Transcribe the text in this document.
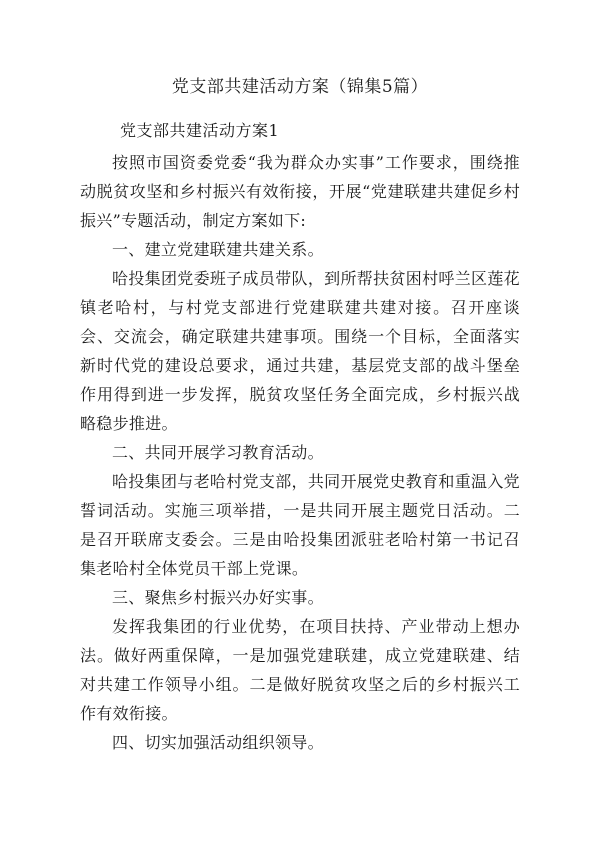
党支部共建活动方案（锦集5篇）
党支部共建活动方案1

按照市国资委党委“我为群众办实事”工作要求，围绕推动脱贫攻坚和乡村振兴有效衔接，开展“党建联建共建促乡村振兴”专题活动，制定方案如下:

一、建立党建联建共建关系。

哈投集团党委班子成员带队，到所帮扶贫困村呼兰区莲花镇老哈村，与村党支部进行党建联建共建对接。召开座谈会、交流会，确定联建共建事项。围绕一个目标，全面落实新时代党的建设总要求，通过共建，基层党支部的战斗堡垒作用得到进一步发挥，脱贫攻坚任务全面完成，乡村振兴战略稳步推进。

二、共同开展学习教育活动。

哈投集团与老哈村党支部，共同开展党史教育和重温入党誓词活动。实施三项举措，一是共同开展主题党日活动。二是召开联席支委会。三是由哈投集团派驻老哈村第一书记召集老哈村全体党员干部上党课。

三、聚焦乡村振兴办好实事。

发挥我集团的行业优势，在项目扶持、产业带动上想办法。做好两重保障，一是加强党建联建，成立党建联建、结对共建工作领导小组。二是做好脱贫攻坚之后的乡村振兴工作有效衔接。

四、切实加强活动组织领导。
